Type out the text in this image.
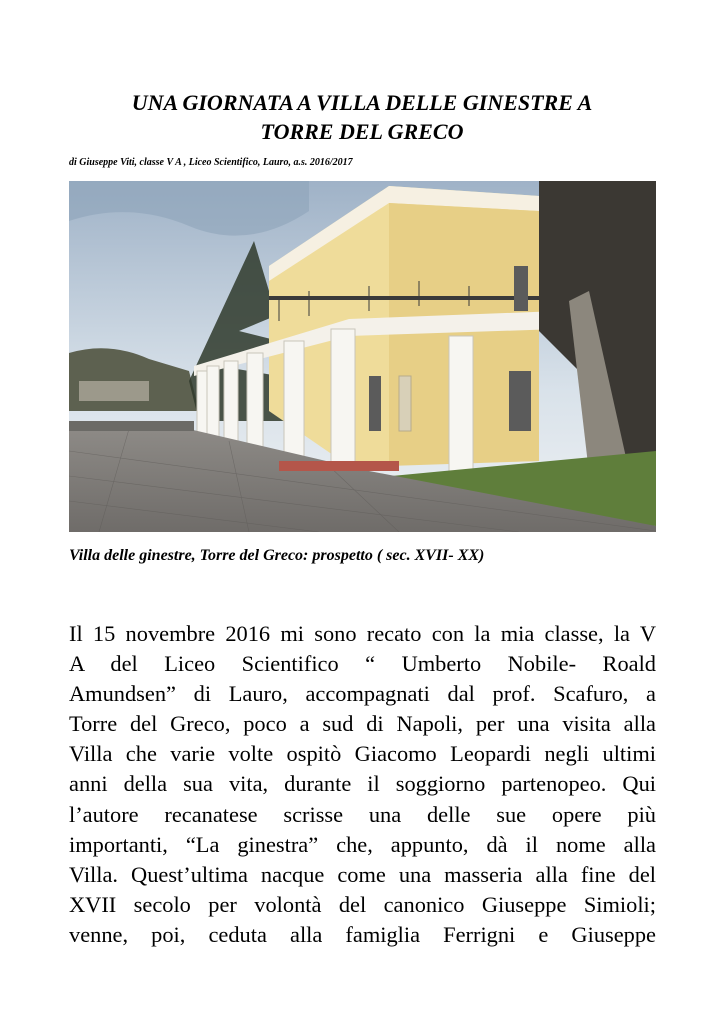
UNA GIORNATA A VILLA DELLE GINESTRE A
TORRE DEL GRECO
di Giuseppe Viti, classe V A , Liceo Scientifico, Lauro, a.s. 2016/2017
Villa delle ginestre, Torre del Greco: prospetto ( sec. XVII- XX)
Il 15 novembre 2016 mi sono recato con la mia classe, la V
A del Liceo Scientifico “ Umberto Nobile- Roald
Amundsen” di Lauro, accompagnati dal prof. Scafuro, a
Torre del Greco, poco a sud di Napoli, per una visita alla
Villa che varie volte ospitò Giacomo Leopardi negli ultimi
anni della sua vita, durante il soggiorno partenopeo. Qui
l’autore recanatese scrisse una delle sue opere più
importanti, “La ginestra” che, appunto, dà il nome alla
Villa. Quest’ultima nacque come una masseria alla fine del
XVII secolo per volontà del canonico Giuseppe Simioli;
venne, poi, ceduta alla famiglia Ferrigni e Giuseppe
